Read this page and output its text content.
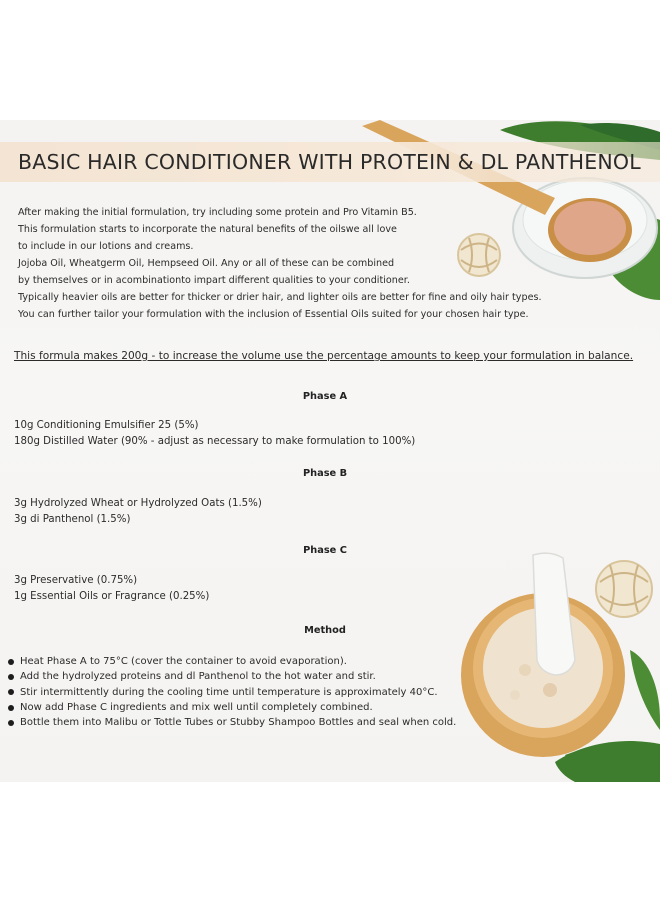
BASIC HAIR CONDITIONER WITH PROTEIN & DL PANTHENOL
After making the initial formulation, try including some protein and Pro Vitamin B5.
This formulation starts to incorporate the natural benefits of the oilswe all love
to include in our lotions and creams.
Jojoba Oil, Wheatgerm Oil, Hempseed Oil. Any or all of these can be combined
by themselves or in acombinationto impart different qualities to your conditioner.
Typically heavier oils are better for thicker or drier hair, and lighter oils are better for fine and oily hair types.
You can further tailor your formulation with the inclusion of Essential Oils suited for your chosen hair type.
This formula makes 200g - to increase the volume use the percentage amounts to keep your formulation in balance.
Phase A
10g Conditioning Emulsifier 25 (5%)
180g Distilled Water (90% - adjust as necessary to make formulation to 100%)
Phase B
3g Hydrolyzed Wheat or Hydrolyzed Oats (1.5%)
3g di Panthenol (1.5%)
Phase C
3g Preservative (0.75%)
1g Essential Oils or Fragrance (0.25%)
Method
Heat Phase A to 75°C (cover the container to avoid evaporation).
Add the hydrolyzed proteins and dl Panthenol to the hot water and stir.
Stir intermittently during the cooling time until temperature is approximately 40°C.
Now add Phase C ingredients and mix well until completely combined.
Bottle them into Malibu or Tottle Tubes or Stubby Shampoo Bottles and seal when cold.
